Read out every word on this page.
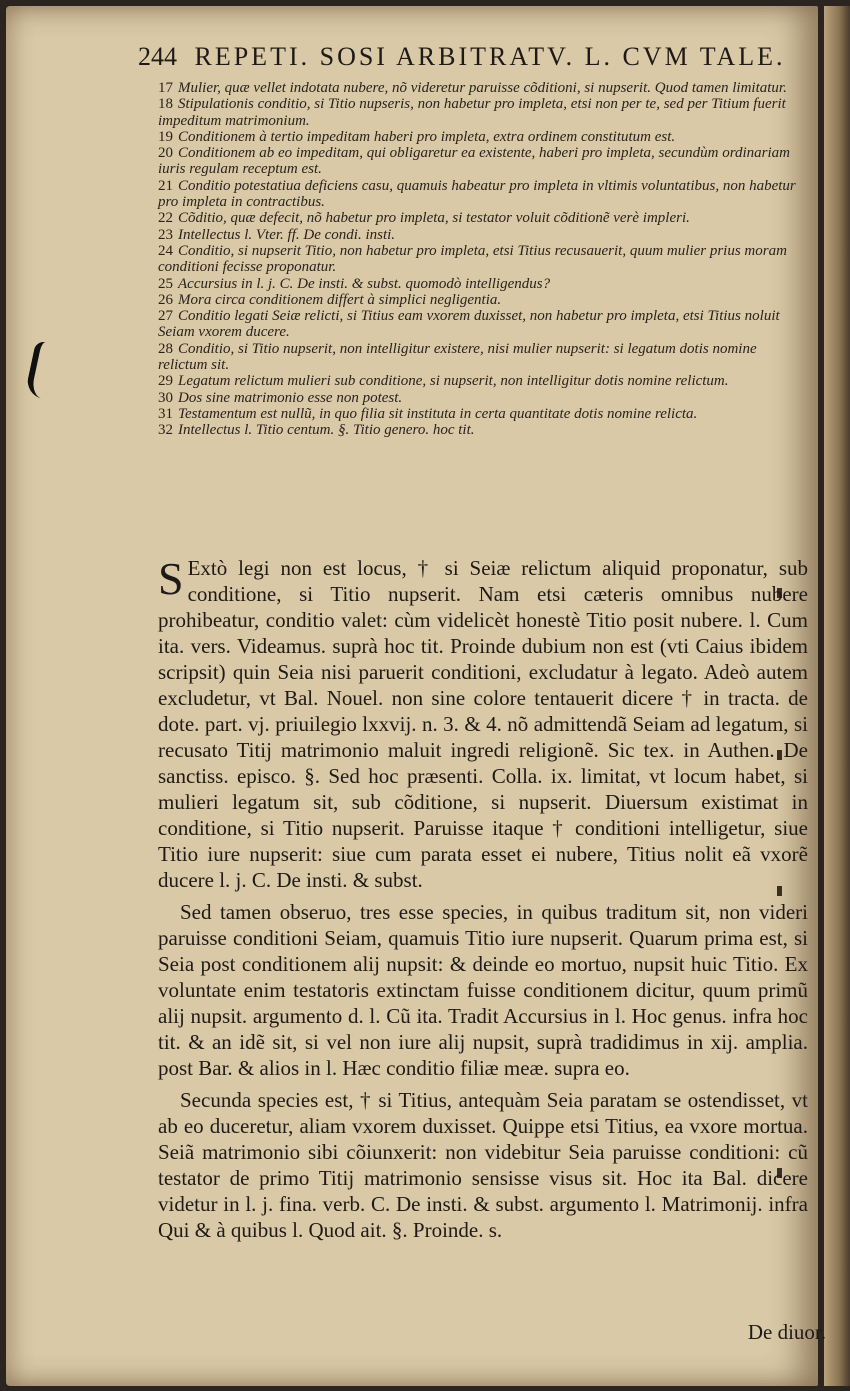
244 REPETI. SOSI ARBITRATV. L. CVM TALE.

17 Mulier, quæ vellet indotata nubere, nõ videretur paruisse cõditioni, si nupserit. Quod tamen limitatur.

18 Stipulationis conditio, si Titio nupseris, non habetur pro impleta, etsi non per te, sed per Titium fuerit impeditum matrimonium.

19 Conditionem à tertio impeditam haberi pro impleta, extra ordinem constitutum est.

20 Conditionem ab eo impeditam, qui obligaretur ea existente, haberi pro impleta, secundùm ordinariam iuris regulam receptum est.

21 Conditio potestatiua deficiens casu, quamuis habeatur pro impleta in vltimis voluntatibus, non habetur pro impleta in contractibus.

22 Cõditio, quæ defecit, nõ habetur pro impleta, si testator voluit cõditionẽ verè impleri.

23 Intellectus l. Vter. ff. De condi. insti.

24 Conditio, si nupserit Titio, non habetur pro impleta, etsi Titius recusauerit, quum mulier prius moram conditioni fecisse proponatur.

25 Accursius in l. j. C. De insti. & subst. quomodò intelligendus?

26 Mora circa conditionem differt à simplici negligentia.

27 Conditio legati Seiæ relicti, si Titius eam vxorem duxisset, non habetur pro impleta, etsi Titius noluit Seiam vxorem ducere.

28 Conditio, si Titio nupserit, non intelligitur existere, nisi mulier nupserit: si legatum dotis nomine relictum sit.

29 Legatum relictum mulieri sub conditione, si nupserit, non intelligitur dotis nomine relictum.

30 Dos sine matrimonio esse non potest.

31 Testamentum est nullũ, in quo filia sit instituta in certa quantitate dotis nomine relicta.

32 Intellectus l. Titio centum. §. Titio genero. hoc tit.

S Extò legi non est locus, † si Seiæ relictum aliquid proponatur, sub conditione, si Titio nupserit. Nam etsi cæteris omnibus nubere prohibeatur, conditio valet: cùm videlicèt honestè Titio posit nubere. l. Cum ita. vers. Videamus. suprà hoc tit. Proinde dubium non est (vti Caius ibidem scripsit) quin Seia nisi paruerit conditioni, excludatur à legato. Adeò autem excludetur, vt Bal. Nouel. non sine colore tentauerit dicere † in tracta. de dote. part. vj. priuilegio lxxvij. n. 3. & 4. nõ admittendã Seiam ad legatum, si recusato Titij matrimonio maluit ingredi religionẽ. Sic tex. in Authen. De sanctiss. episco. §. Sed hoc præsenti. Colla. ix. limitat, vt locum habet, si mulieri legatum sit, sub cõditione, si nupserit. Diuersum existimat in conditione, si Titio nupserit. Paruisse itaque † conditioni intelligetur, siue Titio iure nupserit: siue cum parata esset ei nubere, Titius nolit eã vxorẽ ducere l. j. C. De insti. & subst.

Sed tamen obseruo, tres esse species, in quibus traditum sit, non videri paruisse conditioni Seiam, quamuis Titio iure nupserit. Quarum prima est, si Seia post conditionem alij nupsit: & deinde eo mortuo, nupsit huic Titio. Ex voluntate enim testatoris extinctam fuisse conditionem dicitur, quum primũ alij nupsit. argumento d. l. Cũ ita. Tradit Accursius in l. Hoc genus. infra hoc tit. & an idẽ sit, si vel non iure alij nupsit, suprà tradidimus in xij. amplia. post Bar. & alios in l. Hæc conditio filiæ meæ. supra eo.

Secunda species est, † si Titius, antequàm Seia paratam se ostendisset, vt ab eo duceretur, aliam vxorem duxisset. Quippe etsi Titius, ea vxore mortua. Seiã matrimonio sibi cõiunxerit: non videbitur Seia paruisse conditioni: cũ testator de primo Titij matrimonio sensisse visus sit. Hoc ita Bal. dicere videtur in l. j. fina. verb. C. De insti. & subst. argumento l. Matrimonij. infra Qui & à quibus l. Quod ait. §. Proinde. s.

De diuor.
